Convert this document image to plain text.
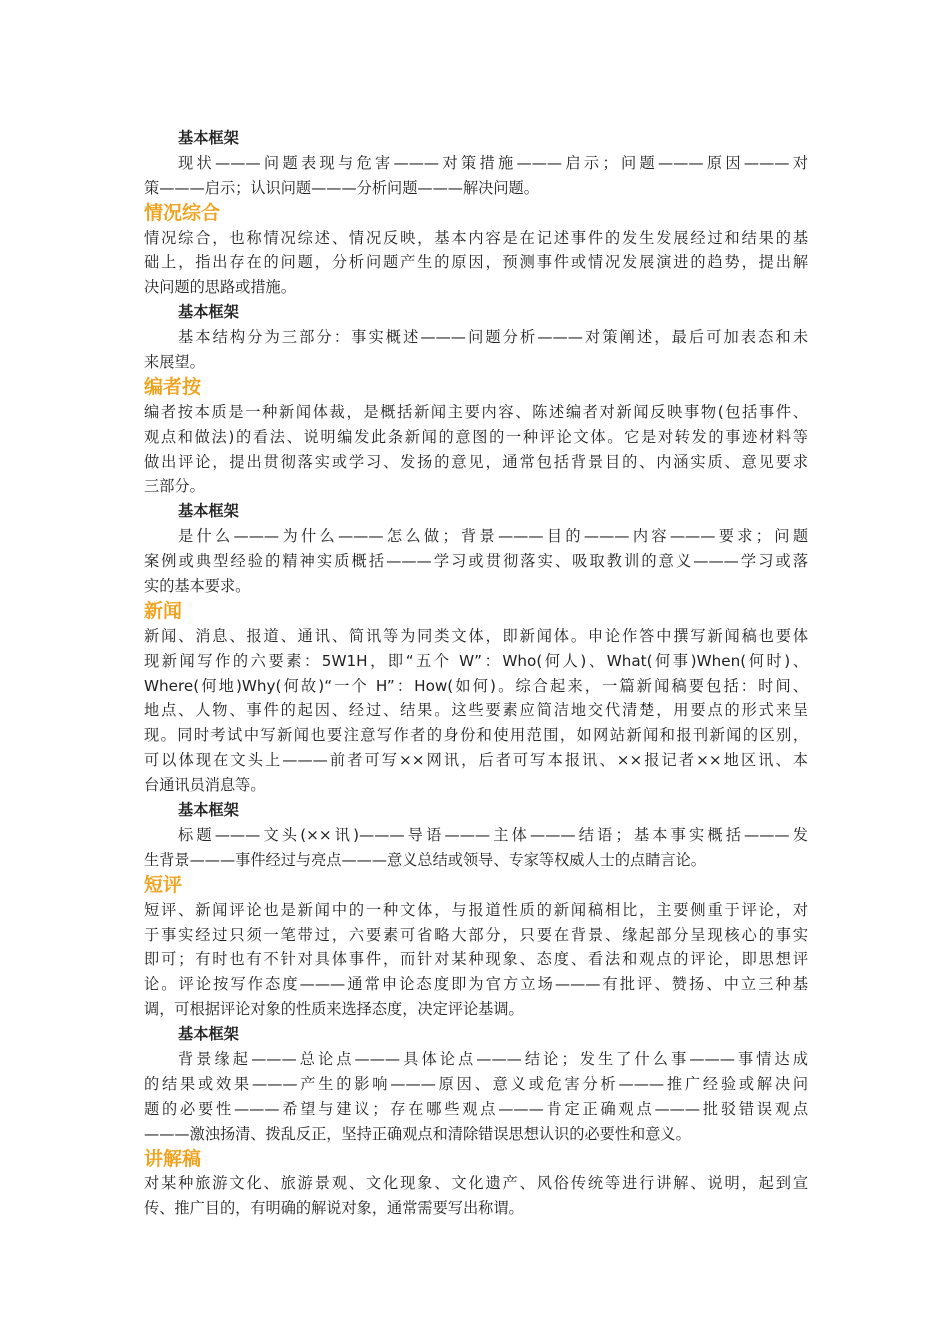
基本框架
现状———问题表现与危害———对策措施———启示；问题———原因———对
策———启示；认识问题———分析问题———解决问题。
情况综合
情况综合，也称情况综述、情况反映，基本内容是在记述事件的发生发展经过和结果的基
础上，指出存在的问题，分析问题产生的原因，预测事件或情况发展演进的趋势，提出解
决问题的思路或措施。
基本框架
基本结构分为三部分：事实概述———问题分析———对策阐述，最后可加表态和未
来展望。
编者按
编者按本质是一种新闻体裁，是概括新闻主要内容、陈述编者对新闻反映事物(包括事件、
观点和做法)的看法、说明编发此条新闻的意图的一种评论文体。它是对转发的事迹材料等
做出评论，提出贯彻落实或学习、发扬的意见，通常包括背景目的、内涵实质、意见要求
三部分。
基本框架
是什么———为什么———怎么做；背景———目的———内容———要求；问题
案例或典型经验的精神实质概括———学习或贯彻落实、吸取教训的意义———学习或落
实的基本要求。
新闻
新闻、消息、报道、通讯、简讯等为同类文体，即新闻体。申论作答中撰写新闻稿也要体
现新闻写作的六要素：5W1H，即“五个 W”：Who(何人)、What(何事)When(何时)、
Where(何地)Why(何故)“一个 H”：How(如何)。综合起来，一篇新闻稿要包括：时间、
地点、人物、事件的起因、经过、结果。这些要素应简洁地交代清楚，用要点的形式来呈
现。同时考试中写新闻也要注意写作者的身份和使用范围，如网站新闻和报刊新闻的区别，
可以体现在文头上———前者可写××网讯，后者可写本报讯、××报记者××地区讯、本
台通讯员消息等。
基本框架
标题———文头(××讯)———导语———主体———结语；基本事实概括———发
生背景———事件经过与亮点———意义总结或领导、专家等权威人士的点睛言论。
短评
短评、新闻评论也是新闻中的一种文体，与报道性质的新闻稿相比，主要侧重于评论，对
于事实经过只须一笔带过，六要素可省略大部分，只要在背景、缘起部分呈现核心的事实
即可；有时也有不针对具体事件，而针对某种现象、态度、看法和观点的评论，即思想评
论。评论按写作态度———通常申论态度即为官方立场———有批评、赞扬、中立三种基
调，可根据评论对象的性质来选择态度，决定评论基调。
基本框架
背景缘起———总论点———具体论点———结论；发生了什么事———事情达成
的结果或效果———产生的影响———原因、意义或危害分析———推广经验或解决问
题的必要性———希望与建议；存在哪些观点———肯定正确观点———批驳错误观点
———激浊扬清、拨乱反正，坚持正确观点和清除错误思想认识的必要性和意义。
讲解稿
对某种旅游文化、旅游景观、文化现象、文化遗产、风俗传统等进行讲解、说明，起到宣
传、推广目的，有明确的解说对象，通常需要写出称谓。
